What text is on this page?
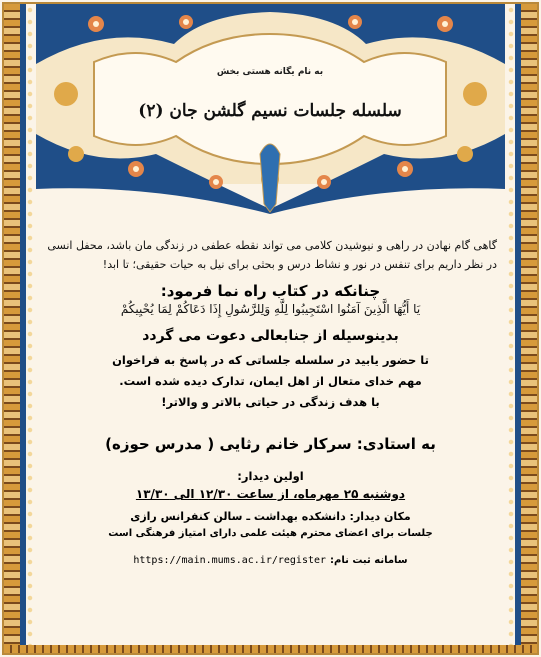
به نام یگانه هستی بخش
سلسله جلسات نسیم گلشن جان (۲)

گاهی گام نهادن در راهی و نیوشیدن کلامی می تواند نقطه عطفی در زندگی مان باشد، محفل انسی در نظر داریم برای تنفس در نور و نشاط درس و بحثی برای نیل به حیات حقیقی؛ تا ابد!

چنانکه در کتاب راه نما فرمود:
یَا أَیُّهَا الَّذِینَ آمَنُوا اسْتَجِیبُوا لِلَّهِ وَلِلرَّسُولِ إِذَا دَعَاکُمْ لِمَا یُحْیِیکُمْ
بدینوسیله از جنابعالی دعوت می گردد
تا حضور یابید در سلسله جلساتی که در پاسخ به فراخوان
مهم خدای متعال از اهل ایمان، تدارک دیده شده است.
با هدف زندگی در حیاتی بالاتر و والاتر!
به استادی: سرکار خانم رثایی ( مدرس حوزه)
اولین دیدار:
دوشنبه ۲۵ مهرماه، از ساعت ۱۲/۳۰ الی ۱۳/۳۰
مکان دیدار: دانشکده بهداشت ـ سالن کنفرانس رازی
جلسات برای اعضای محترم هیئت علمی دارای امتیاز فرهنگی است
https://main.mums.ac.ir/register سامانه ثبت نام:
